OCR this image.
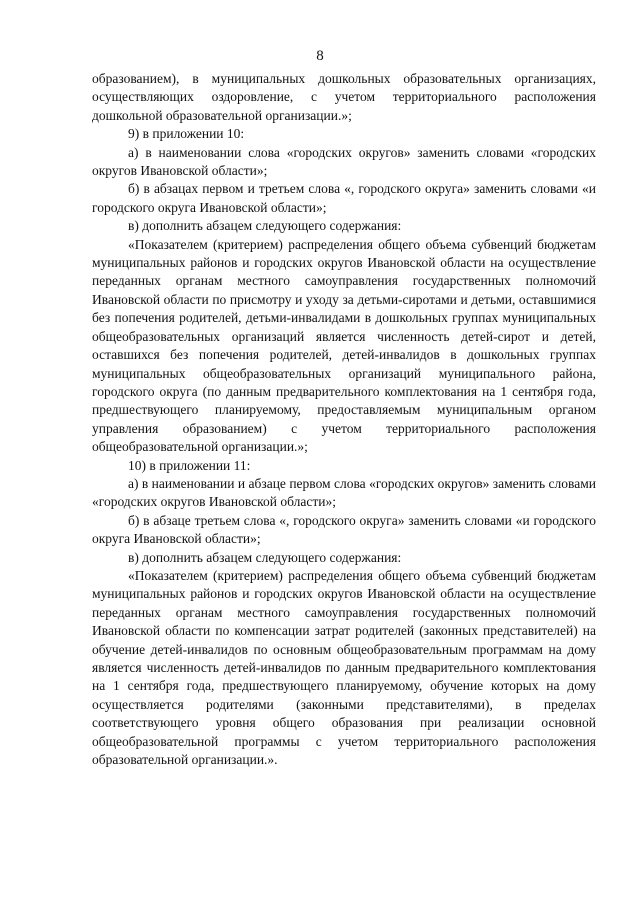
8

образованием), в муниципальных дошкольных образовательных организациях, осуществляющих оздоровление, с учетом территориального расположения дошкольной образовательной организации.»;

9) в приложении 10:

а) в наименовании слова «городских округов» заменить словами «городских округов Ивановской области»;

б) в абзацах первом и третьем слова «, городского округа» заменить словами «и городского округа Ивановской области»;

в) дополнить абзацем следующего содержания:

«Показателем (критерием) распределения общего объема субвенций бюджетам муниципальных районов и городских округов Ивановской области на осуществление переданных органам местного самоуправления государственных полномочий Ивановской области по присмотру и уходу за детьми-сиротами и детьми, оставшимися без попечения родителей, детьми-инвалидами в дошкольных группах муниципальных общеобразовательных организаций является численность детей-сирот и детей, оставшихся без попечения родителей, детей-инвалидов в дошкольных группах муниципальных общеобразовательных организаций муниципального района, городского округа (по данным предварительного комплектования на 1 сентября года, предшествующего планируемому, предоставляемым муниципальным органом управления образованием) с учетом территориального расположения общеобразовательной организации.»;

10) в приложении 11:

а) в наименовании и абзаце первом слова «городских округов» заменить словами «городских округов Ивановской области»;

б) в абзаце третьем слова «, городского округа» заменить словами «и городского округа Ивановской области»;

в) дополнить абзацем следующего содержания:

«Показателем (критерием) распределения общего объема субвенций бюджетам муниципальных районов и городских округов Ивановской области на осуществление переданных органам местного самоуправления государственных полномочий Ивановской области по компенсации затрат родителей (законных представителей) на обучение детей-инвалидов по основным общеобразовательным программам на дому является численность детей-инвалидов по данным предварительного комплектования на 1 сентября года, предшествующего планируемому, обучение которых на дому осуществляется родителями (законными представителями), в пределах соответствующего уровня общего образования при реализации основной общеобразовательной программы с учетом территориального расположения образовательной организации.».
